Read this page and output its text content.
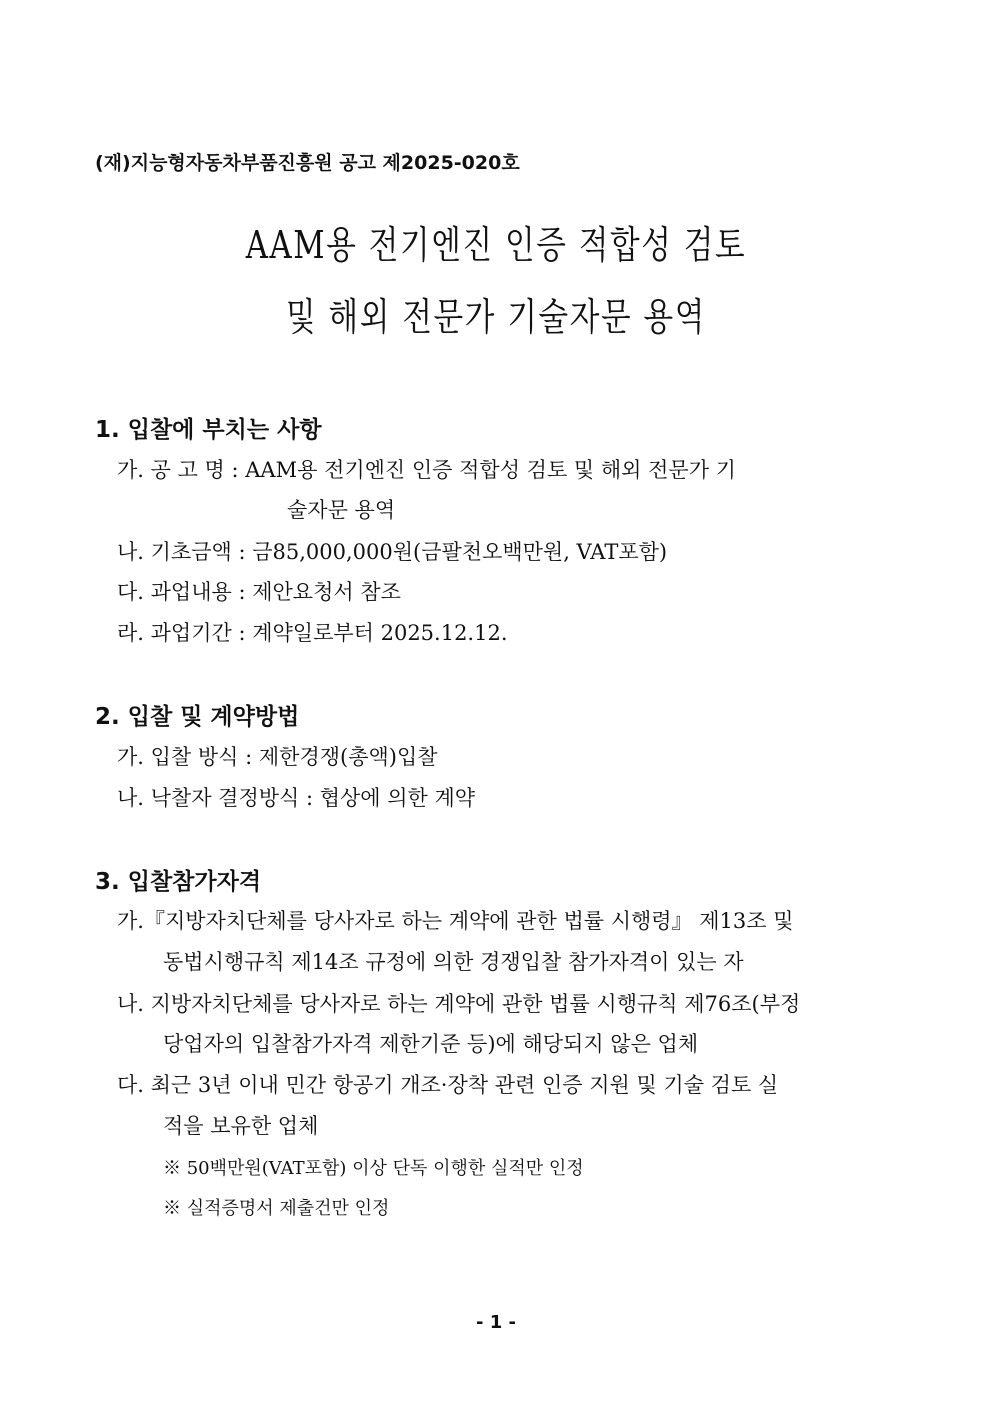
(재)지능형자동차부품진흥원 공고 제2025-020호
AAM용 전기엔진 인증 적합성 검토
및 해외 전문가 기술자문 용역
1. 입찰에 부치는 사항
가. 공 고 명 : AAM용 전기엔진 인증 적합성 검토 및 해외 전문가 기
술자문 용역
나. 기초금액 : 금85,000,000원(금팔천오백만원, VAT포함)
다. 과업내용 : 제안요청서 참조
라. 과업기간 : 계약일로부터 2025.12.12.
2. 입찰 및 계약방법
가. 입찰 방식 : 제한경쟁(총액)입찰
나. 낙찰자 결정방식 : 협상에 의한 계약
3. 입찰참가자격
가.『지방자치단체를 당사자로 하는 계약에 관한 법률 시행령』 제13조 및
동법시행규칙 제14조 규정에 의한 경쟁입찰 참가자격이 있는 자
나. 지방자치단체를 당사자로 하는 계약에 관한 법률 시행규칙 제76조(부정
당업자의 입찰참가자격 제한기준 등)에 해당되지 않은 업체
다. 최근 3년 이내 민간 항공기 개조·장착 관련 인증 지원 및 기술 검토 실
적을 보유한 업체
※ 50백만원(VAT포함) 이상 단독 이행한 실적만 인정
※ 실적증명서 제출건만 인정
- 1 -
